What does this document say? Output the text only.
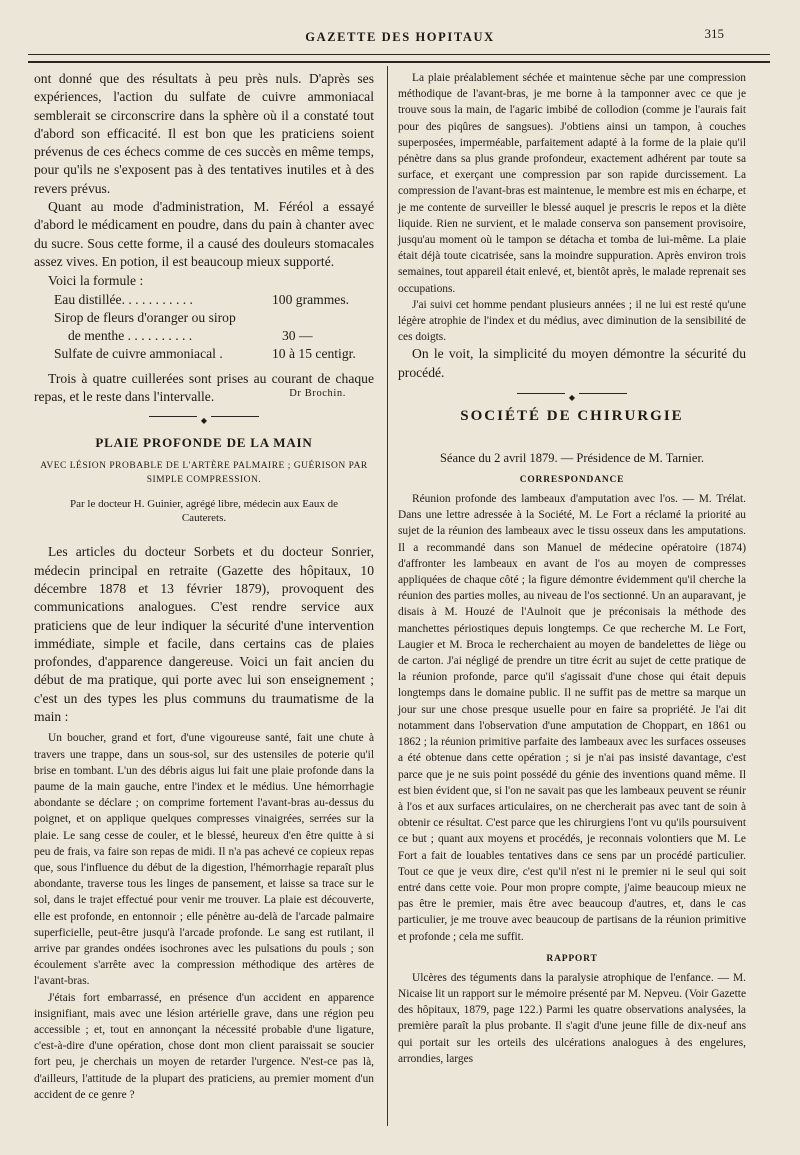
GAZETTE DES HOPITAUX	315

ont donné que des résultats à peu près nuls. D'après ses expériences, l'action du sulfate de cuivre ammoniacal semblerait se circonscrire dans la sphère où il a constaté tout d'abord son efficacité. Il est bon que les praticiens soient prévenus de ces échecs comme de ces succès en même temps, pour qu'ils ne s'exposent pas à des tentatives inutiles et à des revers prévus.

Quant au mode d'administration, M. Féréol a essayé d'abord le médicament en poudre, dans du pain à chanter avec du sucre. Sous cette forme, il a causé des douleurs stomacales assez vives. En potion, il est beaucoup mieux supporté.

Voici la formule :

Eau distillée. . . . . . . . . . .	100 grammes.
Sirop de fleurs d'oranger ou sirop
de menthe . . . . . . . . . .	30 —
Sulfate de cuivre ammoniacal .	10 à 15 centigr.

Trois à quatre cuillerées sont prises au courant de chaque repas, et le reste dans l'intervalle.	Dr Brochin.
◆
PLAIE PROFONDE DE LA MAIN
AVEC LÉSION PROBABLE DE L'ARTÈRE PALMAIRE ; GUÉRISON PAR SIMPLE COMPRESSION.
Par le docteur H. Guinier, agrégé libre, médecin aux Eaux de Cauterets.

Les articles du docteur Sorbets et du docteur Sonrier, médecin principal en retraite (Gazette des hôpitaux, 10 décembre 1878 et 13 février 1879), provoquent des communications analogues. C'est rendre service aux praticiens que de leur indiquer la sécurité d'une intervention immédiate, simple et facile, dans certains cas de plaies profondes, d'apparence dangereuse. Voici un fait ancien du début de ma pratique, qui porte avec lui son enseignement ; c'est un des types les plus communs du traumatisme de la main :

Un boucher, grand et fort, d'une vigoureuse santé, fait une chute à travers une trappe, dans un sous-sol, sur des ustensiles de poterie qu'il brise en tombant. L'un des débris aigus lui fait une plaie profonde dans la paume de la main gauche, entre l'index et le médius. Une hémorrhagie abondante se déclare ; on comprime fortement l'avant-bras au-dessus du poignet, et on applique quelques compresses vinaigrées, serrées sur la plaie. Le sang cesse de couler, et le blessé, heureux d'en être quitte à si peu de frais, va faire son repas de midi. Il n'a pas achevé ce copieux repas que, sous l'influence du début de la digestion, l'hémorrhagie reparaît plus abondante, traverse tous les linges de pansement, et laisse sa trace sur le sol, dans le trajet effectué pour venir me trouver. La plaie est découverte, elle est profonde, en entonnoir ; elle pénètre au-delà de l'arcade palmaire superficielle, peut-être jusqu'à l'arcade profonde. Le sang est rutilant, il arrive par grandes ondées isochrones avec les pulsations du pouls ; son écoulement s'arrête avec la compression méthodique des artères de l'avant-bras.

J'étais fort embarrassé, en présence d'un accident en apparence insignifiant, mais avec une lésion artérielle grave, dans une région peu accessible ; et, tout en annonçant la nécessité probable d'une ligature, c'est-à-dire d'une opération, chose dont mon client paraissait se soucier fort peu, je cherchais un moyen de retarder l'urgence. N'est-ce pas là, d'ailleurs, l'attitude de la plupart des praticiens, au premier moment d'un accident de ce genre ?

La plaie préalablement séchée et maintenue sèche par une compression méthodique de l'avant-bras, je me borne à la tamponner avec ce que je trouve sous la main, de l'agaric imbibé de collodion (comme je l'aurais fait pour des piqûres de sangsues). J'obtiens ainsi un tampon, à couches superposées, imperméable, parfaitement adapté à la forme de la plaie qu'il pénètre dans sa plus grande profondeur, exactement adhérent par toute sa surface, et exerçant une compression par son rapide durcissement. La compression de l'avant-bras est maintenue, le membre est mis en écharpe, et je me contente de surveiller le blessé auquel je prescris le repos et la diète liquide. Rien ne survient, et le malade conserva son pansement provisoire, jusqu'au moment où le tampon se détacha et tomba de lui-même. La plaie était déjà toute cicatrisée, sans la moindre suppuration. Après environ trois semaines, tout appareil était enlevé, et, bientôt après, le malade reprenait ses occupations.

J'ai suivi cet homme pendant plusieurs années ; il ne lui est resté qu'une légère atrophie de l'index et du médius, avec diminution de la sensibilité de ces doigts.

On le voit, la simplicité du moyen démontre la sécurité du procédé.

◆
SOCIÉTÉ DE CHIRURGIE
Séance du 2 avril 1879. — Présidence de M. Tarnier.
CORRESPONDANCE

Réunion profonde des lambeaux d'amputation avec l'os. — M. Trélat. Dans une lettre adressée à la Société, M. Le Fort a réclamé la priorité au sujet de la réunion des lambeaux avec le tissu osseux dans les amputations. Il a recommandé dans son Manuel de médecine opératoire (1874) d'affronter les lambeaux en avant de l'os au moyen de compresses appliquées de chaque côté ; la figure démontre évidemment qu'il cherche la réunion des parties molles, au niveau de l'os sectionné. Un an auparavant, je disais à M. Houzé de l'Aulnoit que je préconisais la méthode des manchettes périostiques depuis longtemps. Ce que recherche M. Le Fort, Laugier et M. Broca le recherchaient au moyen de bandelettes de liège ou de carton. J'ai négligé de prendre un titre écrit au sujet de cette pratique de la réunion profonde, parce qu'il s'agissait d'une chose qui était depuis longtemps dans le domaine public. Il ne suffit pas de mettre sa marque un jour sur une chose presque usuelle pour en faire sa propriété. Je l'ai dit notamment dans l'observation d'une amputation de Choppart, en 1861 ou 1862 ; la réunion primitive parfaite des lambeaux avec les surfaces osseuses a été obtenue dans cette opération ; si je n'ai pas insisté davantage, c'est parce que je ne suis point possédé du génie des inventions quand même. Il est bien évident que, si l'on ne savait pas que les lambeaux peuvent se réunir à l'os et aux surfaces articulaires, on ne chercherait pas avec tant de soin à obtenir ce résultat. C'est parce que les chirurgiens l'ont vu qu'ils poursuivent ce but ; quant aux moyens et procédés, je reconnais volontiers que M. Le Fort a fait de louables tentatives dans ce sens par un procédé particulier. Tout ce que je veux dire, c'est qu'il n'est ni le premier ni le seul qui soit entré dans cette voie. Pour mon propre compte, j'aime beaucoup mieux ne pas être le premier, mais être avec beaucoup d'autres, et, dans le cas particulier, je me trouve avec beaucoup de partisans de la réunion primitive et profonde ; cela me suffit.

RAPPORT

Ulcères des téguments dans la paralysie atrophique de l'enfance. — M. Nicaise lit un rapport sur le mémoire présenté par M. Nepveu. (Voir Gazette des hôpitaux, 1879, page 122.) Parmi les quatre observations analysées, la première paraît la plus probante. Il s'agit d'une jeune fille de dix-neuf ans qui portait sur les orteils des ulcérations analogues à des engelures, arrondies, larges
